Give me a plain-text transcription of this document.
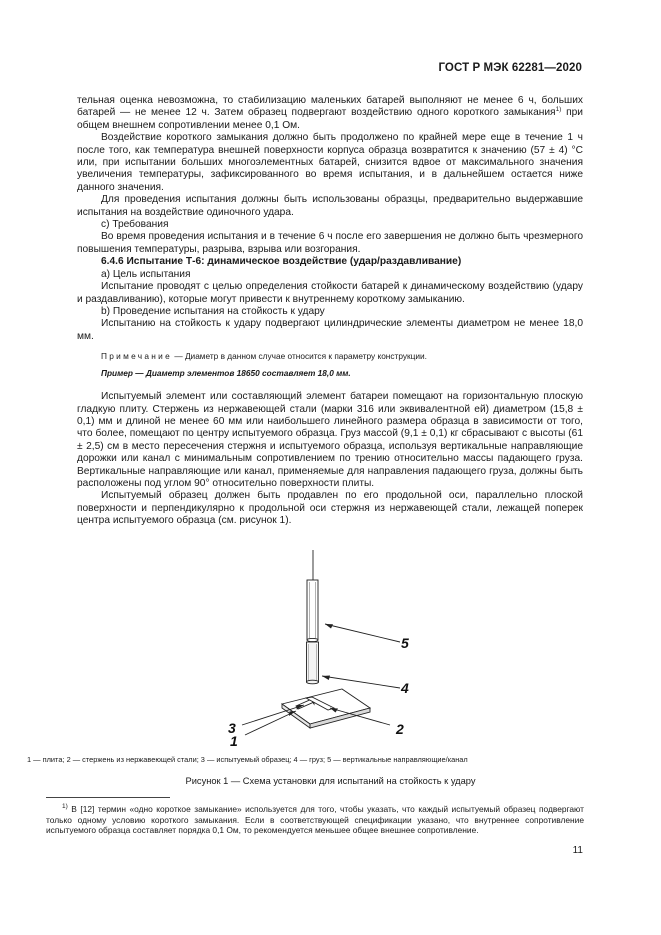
ГОСТ Р МЭК 62281—2020

тельная оценка невозможна, то стабилизацию маленьких батарей выполняют не менее 6 ч, больших батарей — не менее 12 ч. Затем образец подвергают воздействию одного короткого замыкания$^{1)}$ при общем внешнем сопротивлении менее 0,1 Ом.

Воздействие короткого замыкания должно быть продолжено по крайней мере еще в течение 1 ч после того, как температура внешней поверхности корпуса образца возвратится к значению (57 ± 4) °С или, при испытании больших многоэлементных батарей, снизится вдвое от максимального значения увеличения температуры, зафиксированного во время испытания, и в дальнейшем остается ниже данного значения.

Для проведения испытания должны быть использованы образцы, предварительно выдержавшие испытания на воздействие одиночного удара.

с) Требования

Во время проведения испытания и в течение 6 ч после его завершения не должно быть чрезмерного повышения температуры, разрыва, взрыва или возгорания.

6.4.6 Испытание Т-6: динамическое воздействие (удар/раздавливание)

а) Цель испытания

Испытание проводят с целью определения стойкости батарей к динамическому воздействию (удару и раздавливанию), которые могут привести к внутреннему короткому замыканию.

b) Проведение испытания на стойкость к удару

Испытанию на стойкость к удару подвергают цилиндрические элементы диаметром не менее 18,0 мм.

Примечание — Диаметр в данном случае относится к параметру конструкции.

Пример — Диаметр элементов 18650 составляет 18,0 мм.

Испытуемый элемент или составляющий элемент батареи помещают на горизонтальную плоскую гладкую плиту. Стержень из нержавеющей стали (марки 316 или эквивалентной ей) диаметром (15,8 ± 0,1) мм и длиной не менее 60 мм или наибольшего линейного размера образца в зависимости от того, что более, помещают по центру испытуемого образца. Груз массой (9,1 ± 0,1) кг сбрасывают с высоты (61 ± 2,5) см в место пересечения стержня и испытуемого образца, используя вертикальные направляющие дорожки или канал с минимальным сопротивлением по трению относительно массы падающего груза. Вертикальные направляющие или канал, применяемые для направления падающего груза, должны быть расположены под углом 90° относительно поверхности плиты.

Испытуемый образец должен быть продавлен по его продольной оси, параллельно плоской поверхности и перпендикулярно к продольной оси стержня из нержавеющей стали, лежащей поперек центра испытуемого образца (см. рисунок 1).

5
4
2
3
1
1 — плита; 2 — стержень из нержавеющей стали; 3 — испытуемый образец; 4 — груз; 5 — вертикальные направляющие/канал
Рисунок 1 — Схема установки для испытаний на стойкость к удару

$^{1)}$ В [12] термин «одно короткое замыкание» используется для того, чтобы указать, что каждый испытуемый образец подвергают только одному условию короткого замыкания. Если в соответствующей спецификации указано, что внутреннее сопротивление испытуемого образца составляет порядка 0,1 Ом, то рекомендуется меньшее общее внешнее сопротивление.

11
